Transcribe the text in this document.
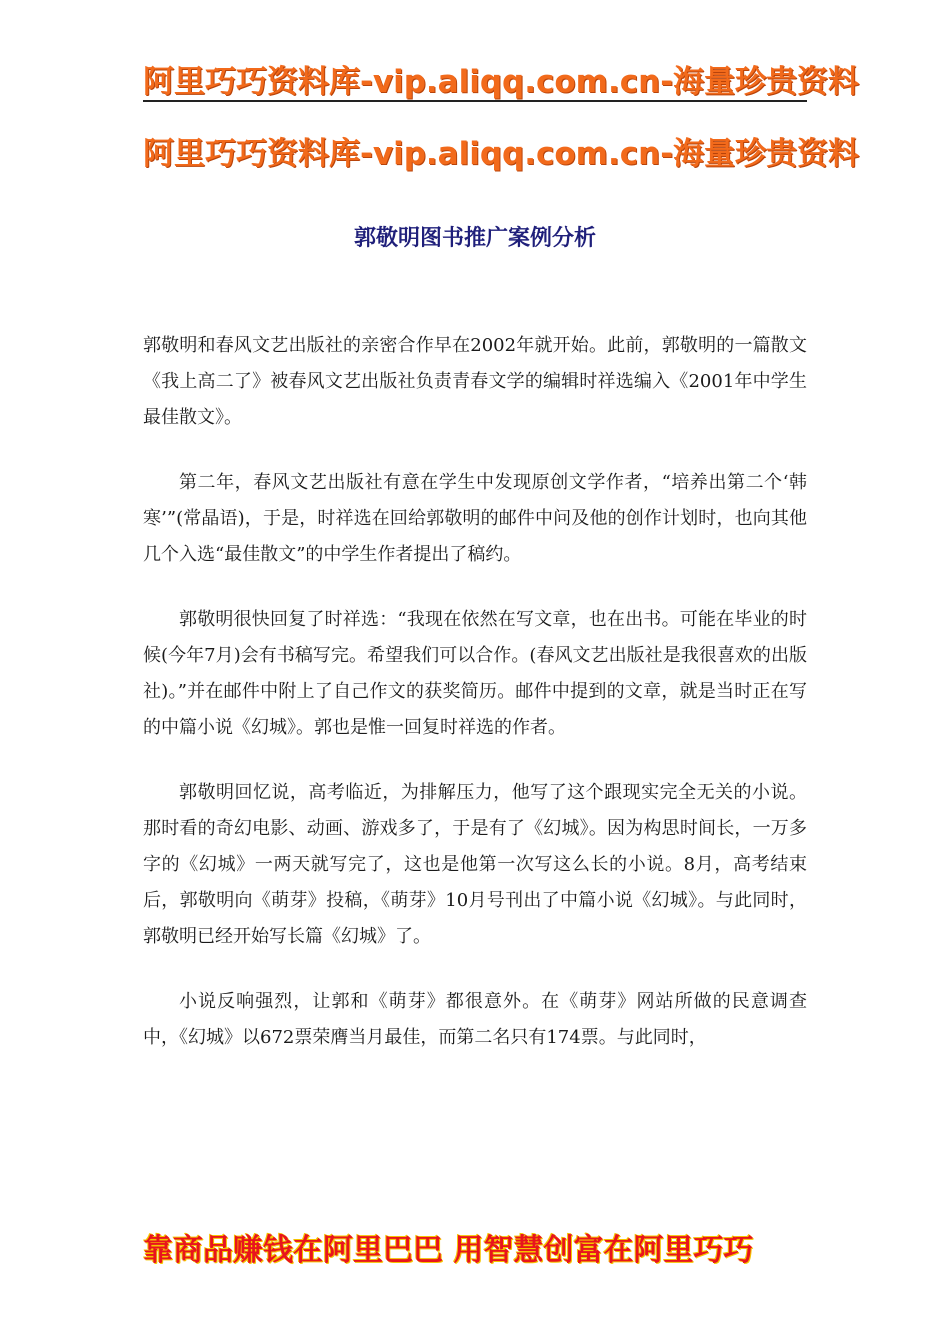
阿里巧巧资料库-vip.aliqq.com.cn-海量珍贵资料
阿里巧巧资料库-vip.aliqq.com.cn-海量珍贵资料
郭敬明图书推广案例分析

郭敬明和春风文艺出版社的亲密合作早在2002年就开始。此前，郭敬明的一篇散文《我上高二了》被春风文艺出版社负责青春文学的编辑时祥选编入《2001年中学生最佳散文》。

第二年，春风文艺出版社有意在学生中发现原创文学作者，“培养出第二个‘韩寒’”(常晶语)，于是，时祥选在回给郭敬明的邮件中问及他的创作计划时，也向其他几个入选“最佳散文”的中学生作者提出了稿约。

郭敬明很快回复了时祥选：“我现在依然在写文章，也在出书。可能在毕业的时候(今年7月)会有书稿写完。希望我们可以合作。(春风文艺出版社是我很喜欢的出版社)。”并在邮件中附上了自己作文的获奖简历。邮件中提到的文章，就是当时正在写的中篇小说《幻城》。郭也是惟一回复时祥选的作者。

郭敬明回忆说，高考临近，为排解压力，他写了这个跟现实完全无关的小说。那时看的奇幻电影、动画、游戏多了，于是有了《幻城》。因为构思时间长，一万多字的《幻城》一两天就写完了，这也是他第一次写这么长的小说。8月，高考结束后，郭敬明向《萌芽》投稿，《萌芽》10月号刊出了中篇小说《幻城》。与此同时，郭敬明已经开始写长篇《幻城》了。

小说反响强烈，让郭和《萌芽》都很意外。在《萌芽》网站所做的民意调查中，《幻城》以672票荣膺当月最佳，而第二名只有174票。与此同时，

靠商品赚钱在阿里巴巴 用智慧创富在阿里巧巧
